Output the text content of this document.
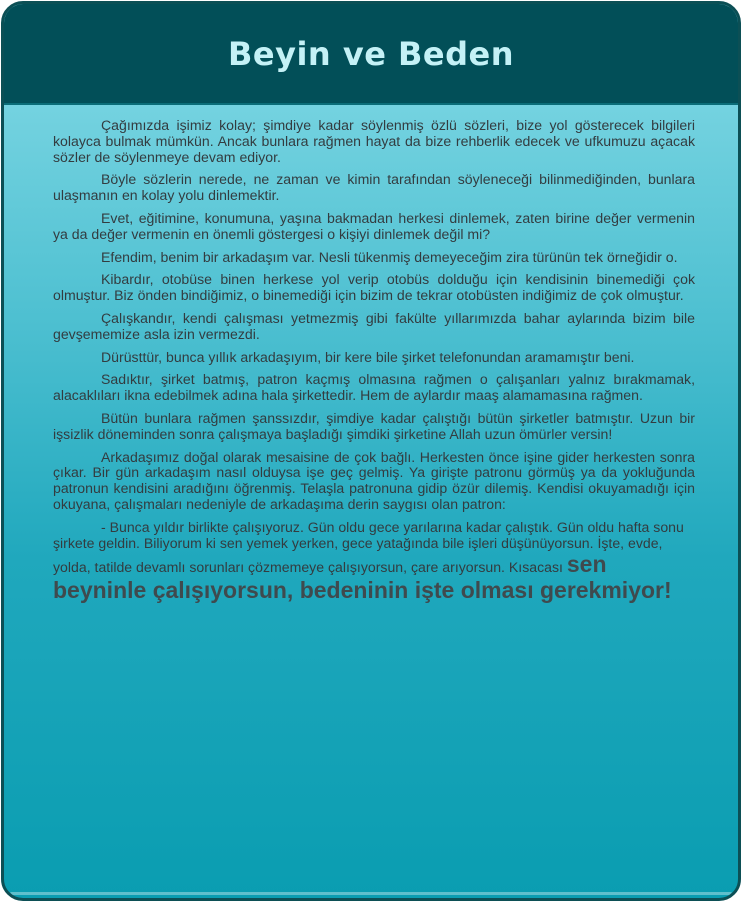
Beyin ve Beden

Çağımızda işimiz kolay; şimdiye kadar söylenmiş özlü sözleri, bize yol gösterecek bilgileri kolayca bulmak mümkün. Ancak bunlara rağmen hayat da bize rehberlik edecek ve ufkumuzu açacak sözler de söylenmeye devam ediyor.

Böyle sözlerin nerede, ne zaman ve kimin tarafından söyleneceği bilinmediğinden, bunlara ulaşmanın en kolay yolu dinlemektir.

Evet, eğitimine, konumuna, yaşına bakmadan herkesi dinlemek, zaten birine değer vermenin ya da değer vermenin en önemli göstergesi o kişiyi dinlemek değil mi?

Efendim, benim bir arkadaşım var. Nesli tükenmiş demeyeceğim zira türünün tek örneğidir o.

Kibardır, otobüse binen herkese yol verip otobüs dolduğu için kendisinin binemediği çok olmuştur. Biz önden bindiğimiz, o binemediği için bizim de tekrar otobüsten indiğimiz de çok olmuştur.

Çalışkandır, kendi çalışması yetmezmiş gibi fakülte yıllarımızda bahar aylarında bizim bile gevşememize asla izin vermezdi.

Dürüsttür, bunca yıllık arkadaşıyım, bir kere bile şirket telefonundan aramamıştır beni.

Sadıktır, şirket batmış, patron kaçmış olmasına rağmen o çalışanları yalnız bırakmamak, alacaklıları ikna edebilmek adına hala şirkettedir. Hem de aylardır maaş alamamasına rağmen.

Bütün bunlara rağmen şanssızdır, şimdiye kadar çalıştığı bütün şirketler batmıştır. Uzun bir işsizlik döneminden sonra çalışmaya başladığı şimdiki şirketine Allah uzun ömürler versin!

Arkadaşımız doğal olarak mesaisine de çok bağlı. Herkesten önce işine gider herkesten sonra çıkar. Bir gün arkadaşım nasıl olduysa işe geç gelmiş. Ya girişte patronu görmüş ya da yokluğunda patronun kendisini aradığını öğrenmiş. Telaşla patronuna gidip özür dilemiş. Kendisi okuyamadığı için okuyana, çalışmaları nedeniyle de arkadaşıma derin saygısı olan patron:

- Bunca yıldır birlikte çalışıyoruz. Gün oldu gece yarılarına kadar çalıştık. Gün oldu hafta sonu şirkete geldin. Biliyorum ki sen yemek yerken, gece yatağında bile işleri düşünüyorsun. İşte, evde, yolda, tatilde devamlı sorunları çözmemeye çalışıyorsun, çare arıyorsun. Kısacası sen beyninle çalışıyorsun, bedeninin işte olması gerekmiyor!
